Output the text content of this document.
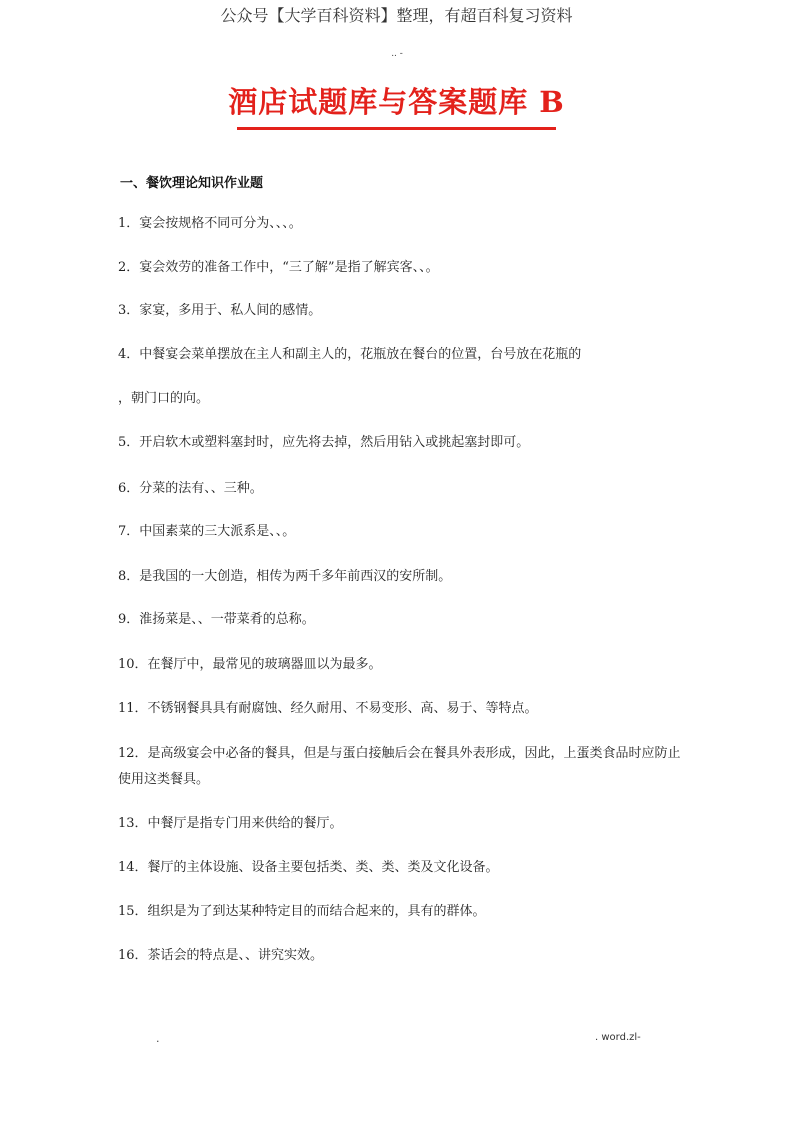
公众号【大学百科资料】整理，有超百科复习资料
.. -
酒店试题库与答案题库 B
一、餐饮理论知识作业题
1．宴会按规格不同可分为、、、。
2．宴会效劳的准备工作中，“三了解”是指了解宾客、、。
3．家宴，多用于、私人间的感情。
4．中餐宴会菜单摆放在主人和副主人的，花瓶放在餐台的位置，台号放在花瓶的
，朝门口的向。
5．开启软木或塑料塞封时，应先将去掉，然后用钻入或挑起塞封即可。
6．分菜的法有、、三种。
7．中国素菜的三大派系是、、。
8．是我国的一大创造，相传为两千多年前西汉的安所制。
9．淮扬菜是、、一带菜肴的总称。
10．在餐厅中，最常见的玻璃器皿以为最多。
11．不锈钢餐具具有耐腐蚀、经久耐用、不易变形、高、易于、等特点。
12．是高级宴会中必备的餐具，但是与蛋白接触后会在餐具外表形成，因此，上蛋类食品时应防止使用这类餐具。
13．中餐厅是指专门用来供给的餐厅。
14．餐厅的主体设施、设备主要包括类、类、类、类及文化设备。
15．组织是为了到达某种特定目的而结合起来的，具有的群体。
16．茶话会的特点是、、讲究实效。
.	. word.zl-
